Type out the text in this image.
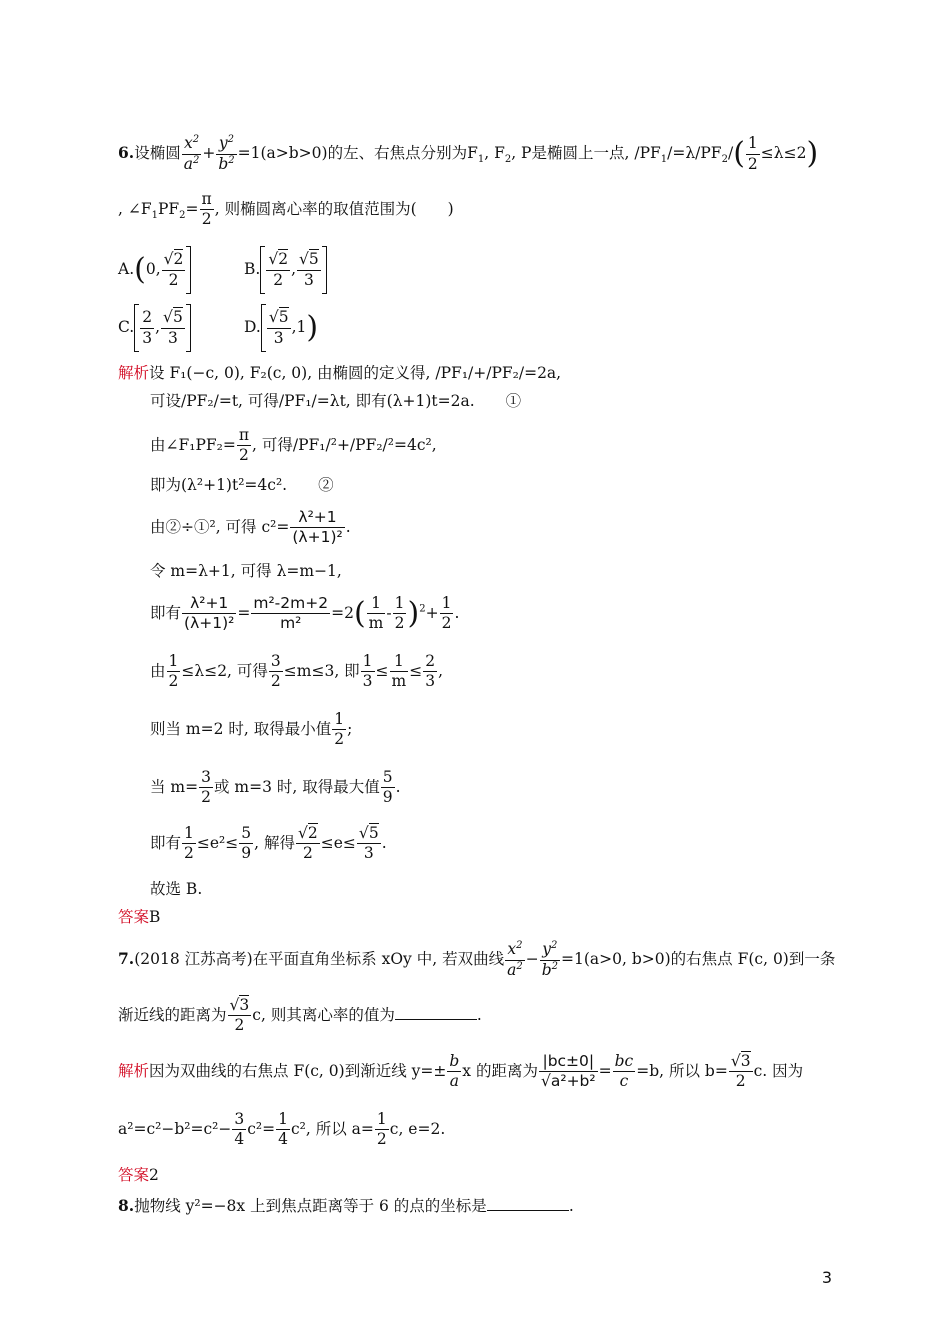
6.设椭圆 $\frac{x^2}{a^2} + \frac{y^2}{b^2} =1(a>b>0)$的左、右焦点分别为$F_1$, $F_2$, P是椭圆上一点, $/PF_1/=\lambda/PF_2/( \frac{1}{2} \le\lambda\le 2)$
, $\angle F_1PF_2= \frac{\pi}{2}$ , 则椭圆离心率的取值范围为(　　)
A.(0, $\frac{√2}{2}$	B. $\frac{√2}{2}$ , $\frac{√5}{3}$
C. $\frac{2}{3}$ , $\frac{√5}{3}$	D. $\frac{√5}{3} ,1$)
解析设 F₁(−c, 0), F₂(c, 0), 由椭圆的定义得, /PF₁/+/PF₂/=2a,
可设/PF₂/=t, 可得/PF₁/=λt, 即有(λ+1)t=2a.　　①
由∠F₁PF₂= $\frac{\pi}{2}$ , 可得/PF₁/²+/PF₂/²=4c²,
即为(λ²+1)t²=4c².　　②
由②÷①², 可得 $c^2= \frac{\text{λ²+1}}{\text{(λ+1)²}}$ .
令 m=λ+1, 可得 λ=m−1,
即有 $\frac{\text{λ²+1}}{\text{(λ+1)²}} = \frac{\text{m²-2m+2}}{\text{m²}} =2( \frac{1}{m} - \frac{1}{2} )^2+ \frac{1}{2}$ .
由 $\frac{1}{2} \le\lambda\le 2$, 可得 $\frac{3}{2} \le m\le 3$, 即 $\frac{1}{3} \le \frac{1}{m} \le \frac{2}{3}$ ,
则当 m=2 时, 取得最小值 $\frac{1}{2}$ ;
当 $m= \frac{3}{2}$ 或 m=3 时, 取得最大值 $\frac{5}{9}$ .
即有 $\frac{1}{2} \le e^2\le \frac{5}{9}$ , 解得 $\frac{√2}{2} \le e\le \frac{√5}{3}$ .
故选 B.
答案B
7.(2018 江苏高考)在平面直角坐标系 xOy 中, 若双曲线 $\frac{x^2}{a^2} - \frac{y^2}{b^2} =1(a>0$, b>0)的右焦点 F(c, 0)到一条
渐近线的距离为 $\frac{√3}{2} c$, 则其离心率的值为	.
解析因为双曲线的右焦点 F(c, 0)到渐近线 $y=\pm \frac{b}{a}$ x 的距离为 $\frac{|bc\pm 0|}{\text{√a²+b²}} = \frac{bc}{c} =b$, 所以 $b= \frac{√3}{2} c$. 因为
$a^2=c^2-b^2=c^2- \frac{3}{4} c^2= \frac{1}{4} c^2$, 所以 $a= \frac{1}{2} c$, e=2.
答案2
8.抛物线 y²=−8x 上到焦点距离等于 6 的点的坐标是	.
3
